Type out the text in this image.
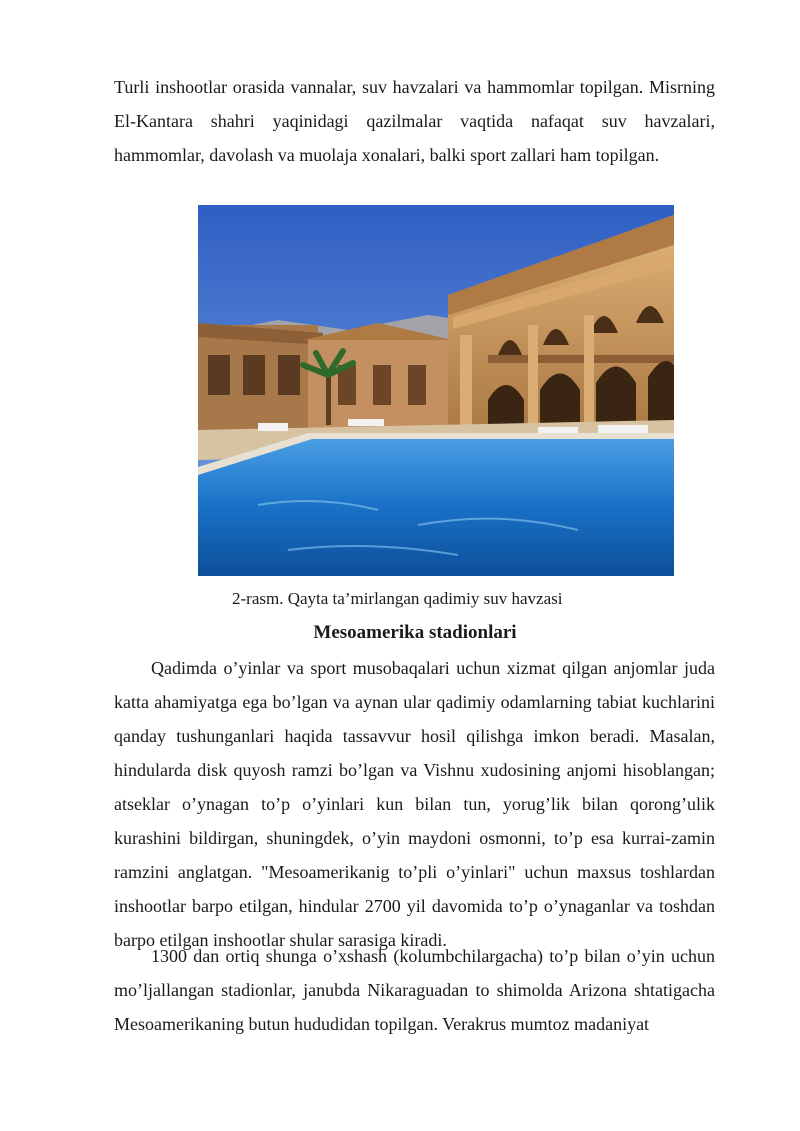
Turli inshootlar orasida vannalar, suv havzalari va hammomlar topilgan. Misrning El-Kantara shahri yaqinidagi qazilmalar vaqtida nafaqat suv havzalari, hammomlar, davolash va muolaja xonalari, balki sport zallari ham topilgan.

2-rasm. Qayta ta’mirlangan qadimiy suv havzasi
Mesoamerika stadionlari

Qadimda o’yinlar va sport musobaqalari uchun xizmat qilgan anjomlar juda katta ahamiyatga ega bo’lgan va aynan ular qadimiy odamlarning tabiat kuchlarini qanday tushunganlari haqida tassavvur hosil qilishga imkon beradi. Masalan, hindularda disk quyosh ramzi bo’lgan va Vishnu xudosining anjomi hisoblangan; atseklar o’ynagan to’p o’yinlari kun bilan tun, yorug’lik bilan qorong’ulik kurashini bildirgan, shuningdek, o’yin maydoni osmonni, to’p esa kurrai-zamin ramzini anglatgan. "Mesoamerikanig to’pli o’yinlari" uchun maxsus toshlardan inshootlar barpo etilgan, hindular 2700 yil davomida to’p o’ynaganlar va toshdan barpo etilgan inshootlar shular sarasiga kiradi.

1300 dan ortiq shunga o’xshash (kolumbchilargacha) to’p bilan o’yin uchun mo’ljallangan stadionlar, janubda Nikaraguadan to shimolda Arizona shtatigacha Mesoamerikaning butun hududidan topilgan. Verakrus mumtoz madaniyat
